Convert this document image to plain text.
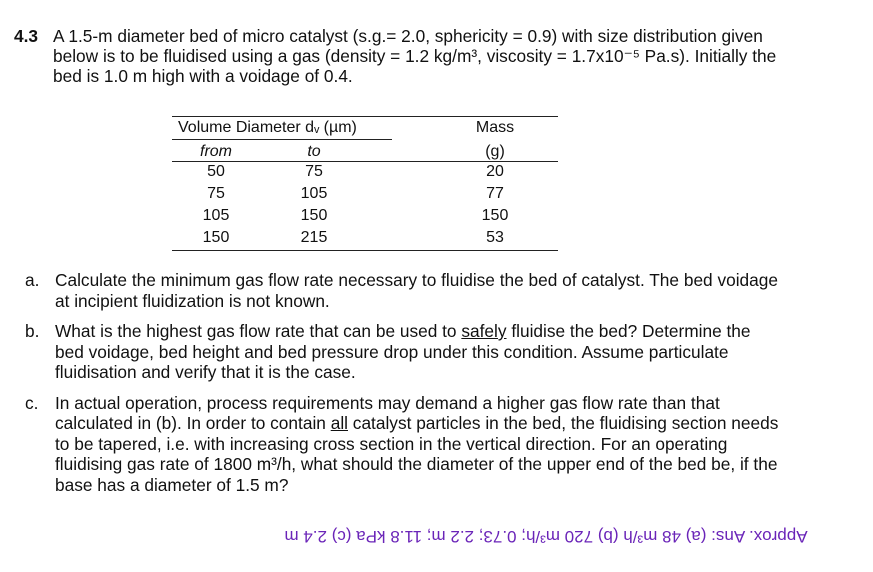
4.3 A 1.5-m diameter bed of micro catalyst (s.g.= 2.0, sphericity = 0.9) with size distribution given
below is to be fluidised using a gas (density = 1.2 kg/m³, viscosity = 1.7x10⁻⁵ Pa.s). Initially the
bed is 1.0 m high with a voidage of 0.4.
Volume Diameter dᵥ (µm)	Mass
from	to	(g)
50	75	20
75	105	77
105	150	150
150	215	53
a. Calculate the minimum gas flow rate necessary to fluidise the bed of catalyst. The bed voidage
at incipient fluidization is not known.
b. What is the highest gas flow rate that can be used to safely fluidise the bed? Determine the
bed voidage, bed height and bed pressure drop under this condition. Assume particulate
fluidisation and verify that it is the case.
c. In actual operation, process requirements may demand a higher gas flow rate than that
calculated in (b). In order to contain all catalyst particles in the bed, the fluidising section needs
to be tapered, i.e. with increasing cross section in the vertical direction. For an operating
fluidising gas rate of 1800 m³/h, what should the diameter of the upper end of the bed be, if the
base has a diameter of 1.5 m?
Approx. Ans: (a) 48 m³/h (b) 720 m³/h; 0.73; 2.2 m; 11.8 kPa (c) 2.4 m
